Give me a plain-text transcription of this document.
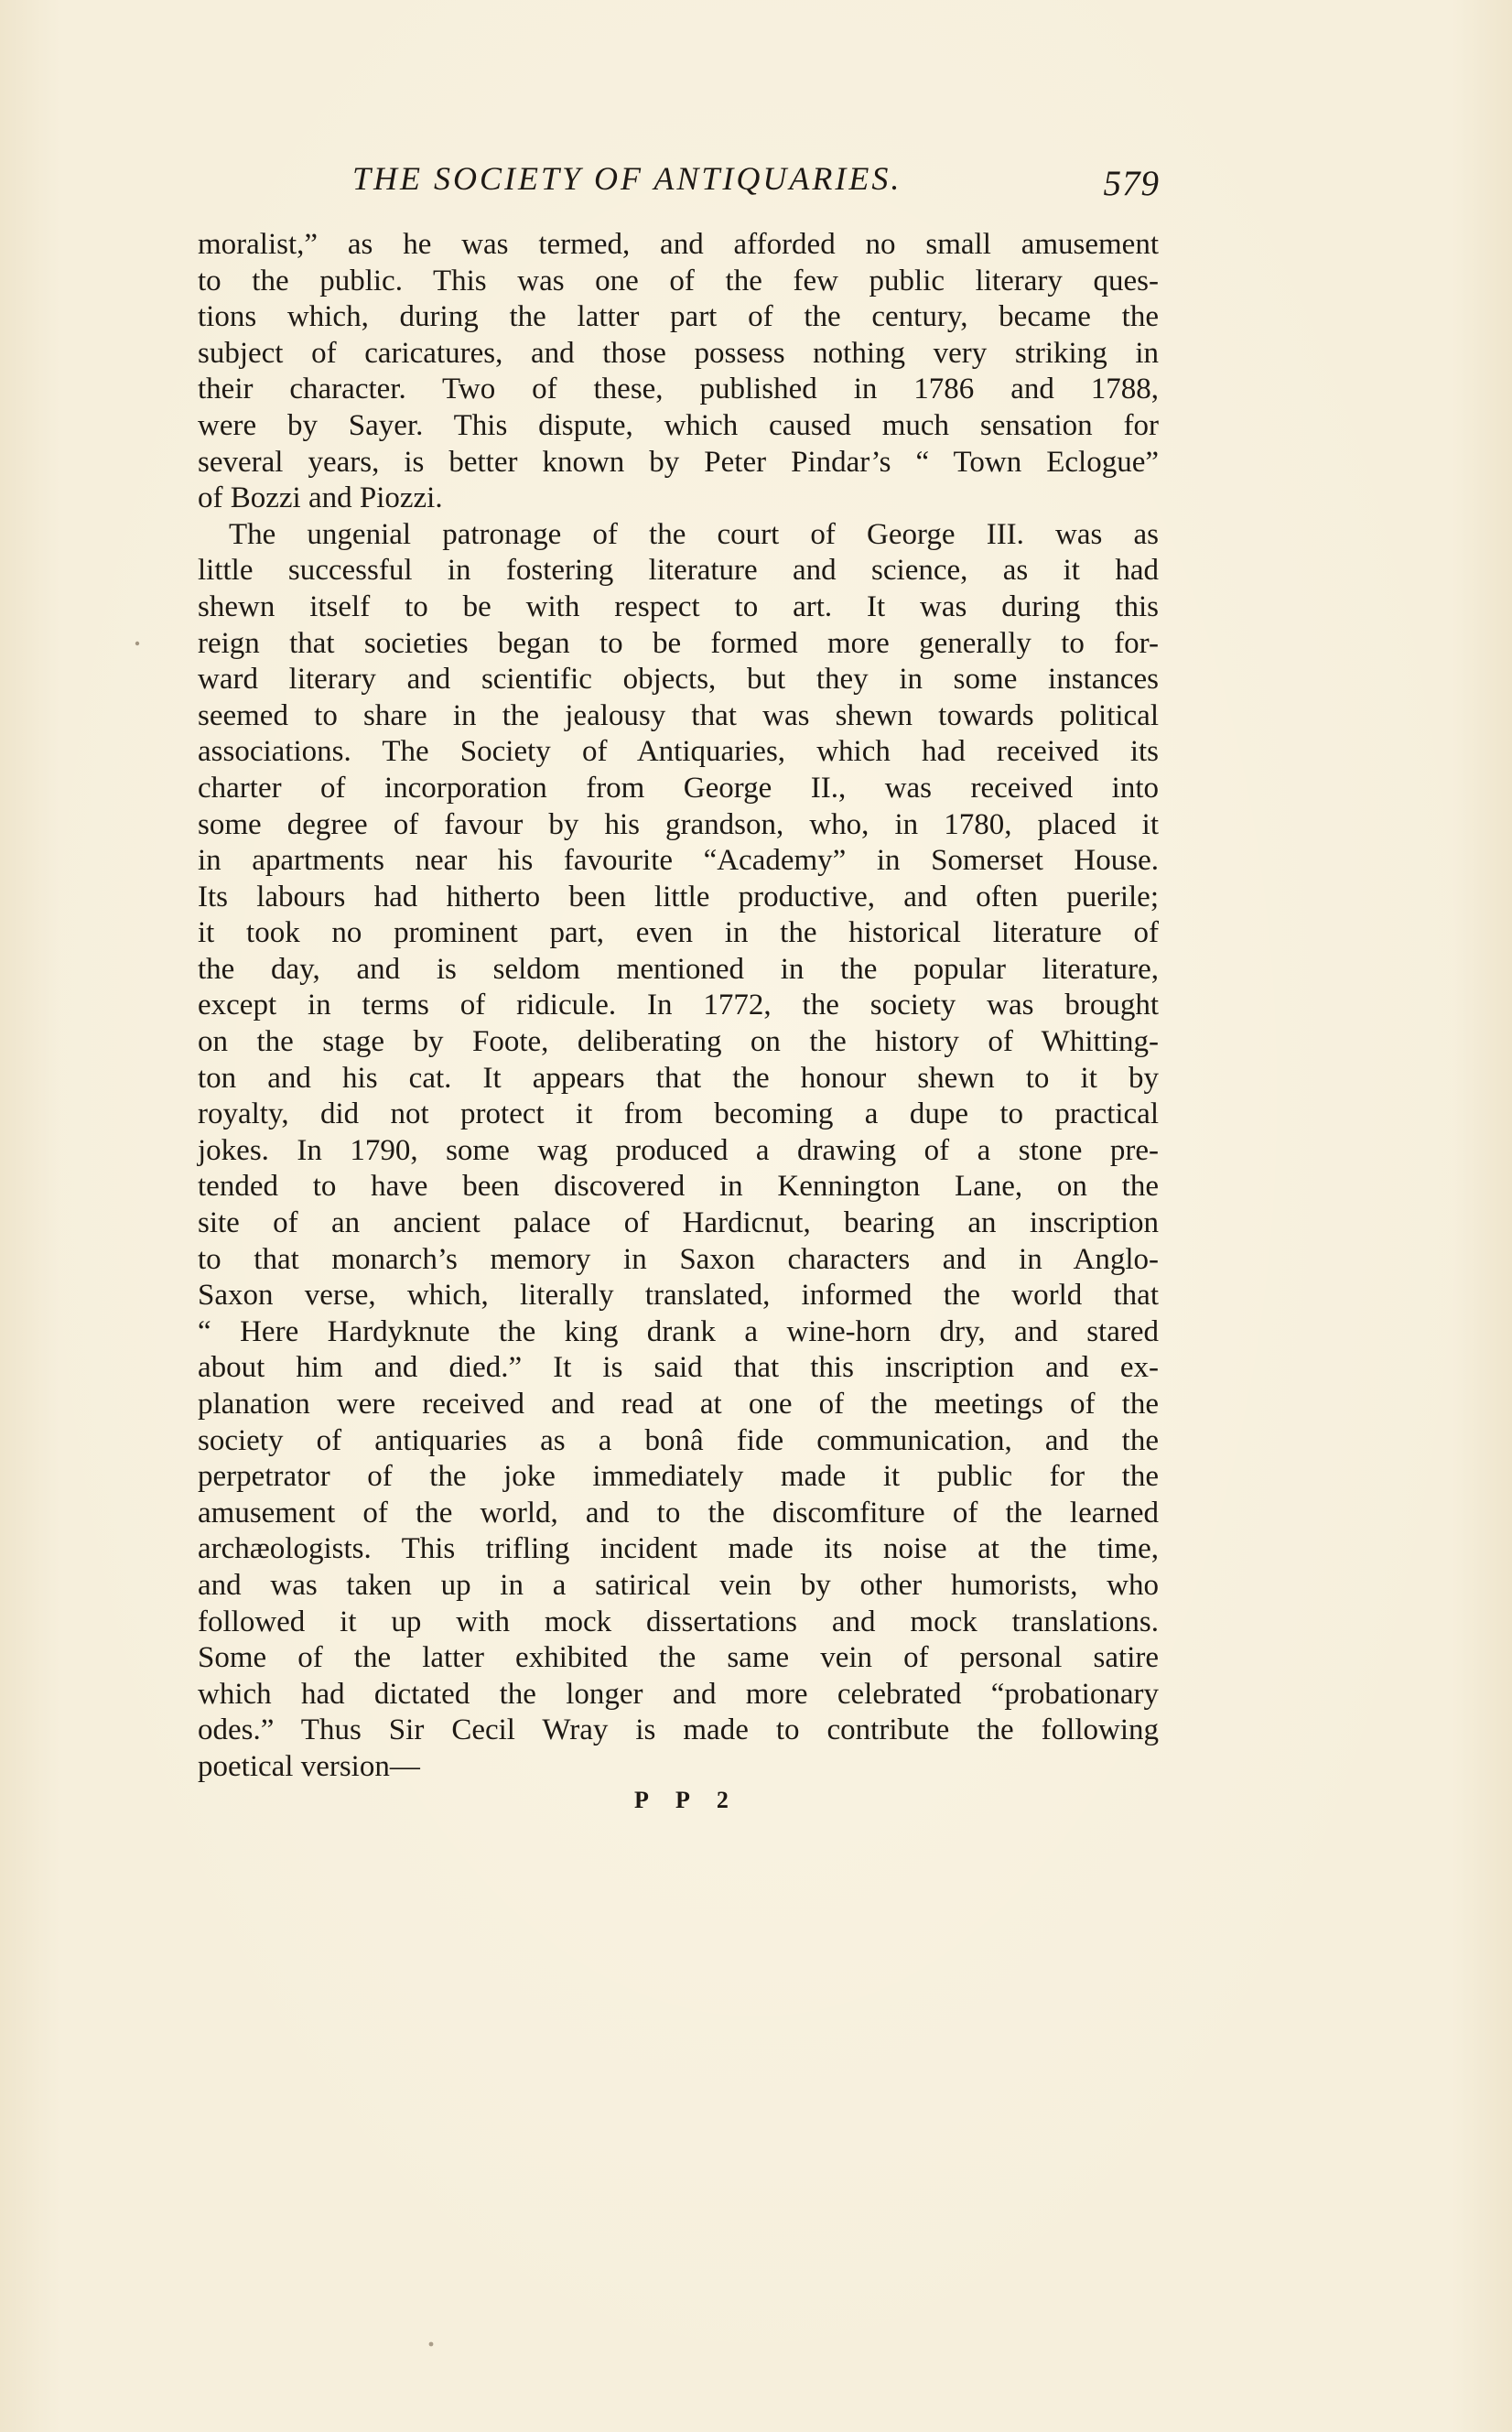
THE SOCIETY OF ANTIQUARIES.	579
moralist,” as he was termed, and afforded no small amusement
to the public. This was one of the few public literary ques-
tions which, during the latter part of the century, became the
subject of caricatures, and those possess nothing very striking in
their character. Two of these, published in 1786 and 1788,
were by Sayer. This dispute, which caused much sensation for
several years, is better known by Peter Pindar’s “ Town Eclogue”
of Bozzi and Piozzi.
The ungenial patronage of the court of George III. was as
little successful in fostering literature and science, as it had
shewn itself to be with respect to art. It was during this
reign that societies began to be formed more generally to for-
ward literary and scientific objects, but they in some instances
seemed to share in the jealousy that was shewn towards political
associations. The Society of Antiquaries, which had received its
charter of incorporation from George II., was received into
some degree of favour by his grandson, who, in 1780, placed it
in apartments near his favourite “Academy” in Somerset House.
Its labours had hitherto been little productive, and often puerile;
it took no prominent part, even in the historical literature of
the day, and is seldom mentioned in the popular literature,
except in terms of ridicule. In 1772, the society was brought
on the stage by Foote, deliberating on the history of Whitting-
ton and his cat. It appears that the honour shewn to it by
royalty, did not protect it from becoming a dupe to practical
jokes. In 1790, some wag produced a drawing of a stone pre-
tended to have been discovered in Kennington Lane, on the
site of an ancient palace of Hardicnut, bearing an inscription
to that monarch’s memory in Saxon characters and in Anglo-
Saxon verse, which, literally translated, informed the world that
“ Here Hardyknute the king drank a wine-horn dry, and stared
about him and died.” It is said that this inscription and ex-
planation were received and read at one of the meetings of the
society of antiquaries as a bonâ fide communication, and the
perpetrator of the joke immediately made it public for the
amusement of the world, and to the discomfiture of the learned
archæologists. This trifling incident made its noise at the time,
and was taken up in a satirical vein by other humorists, who
followed it up with mock dissertations and mock translations.
Some of the latter exhibited the same vein of personal satire
which had dictated the longer and more celebrated “probationary
odes.” Thus Sir Cecil Wray is made to contribute the following
poetical version—
P P 2
